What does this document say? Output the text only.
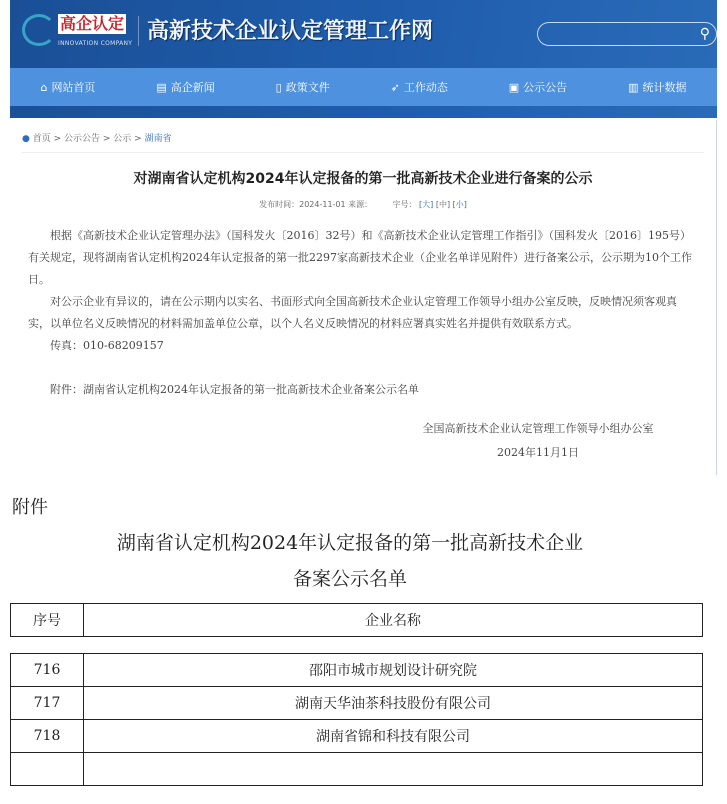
高企认定
INNOVATION COMPANY 高新技术企业认定管理工作网	⚲
⌂ 网站首页	▤ 高企新闻	▯ 政策文件	➶ 工作动态	▣ 公示公告	▥ 统计数据
● 首页 > 公示公告 > 公示 > 湖南省
对湖南省认定机构2024年认定报备的第一批高新技术企业进行备案的公示
发布时间：2024-11-01 来源：	字号： [大] [中] [小]

根据《高新技术企业认定管理办法》（国科发火〔2016〕32号）和《高新技术企业认定管理工作指引》（国科发火〔2016〕195号）有关规定，现将湖南省认定机构2024年认定报备的第一批2297家高新技术企业（企业名单详见附件）进行备案公示，公示期为10个工作日。

对公示企业有异议的，请在公示期内以实名、书面形式向全国高新技术企业认定管理工作领导小组办公室反映，反映情况须客观真实，以单位名义反映情况的材料需加盖单位公章，以个人名义反映情况的材料应署真实姓名并提供有效联系方式。

传真：010-68209157

附件：湖南省认定机构2024年认定报备的第一批高新技术企业备案公示名单

全国高新技术企业认定管理工作领导小组办公室
2024年11月1日
附件
湖南省认定机构2024年认定报备的第一批高新技术企业
备案公示名单
序号	企业名称
716	邵阳市城市规划设计研究院
717	湖南天华油茶科技股份有限公司
718	湖南省锦和科技有限公司
